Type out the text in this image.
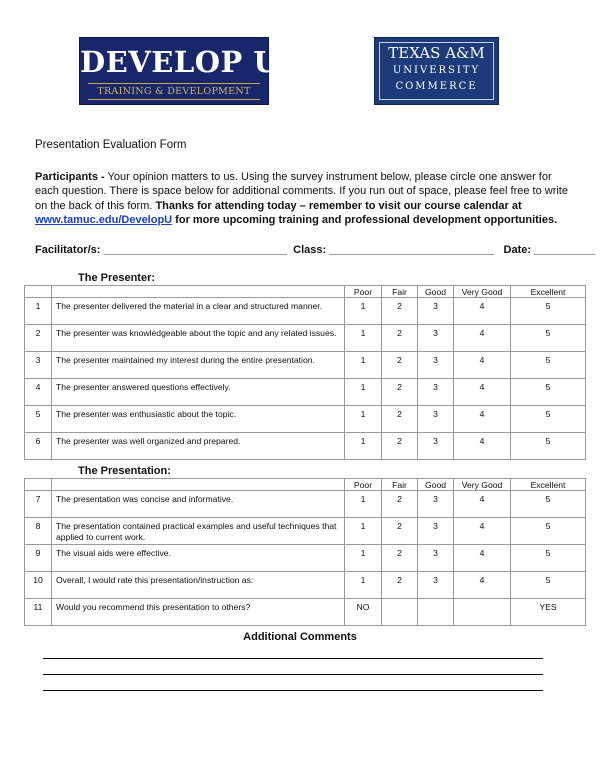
DEVELOP U
TRAINING & DEVELOPMENT
TEXAS A&M
UNIVERSITY
COMMERCE
Presentation Evaluation Form
Participants - Your opinion matters to us. Using the survey instrument below, please circle one answer for each question. There is space below for additional comments. If you run out of space, please feel free to write on the back of this form. Thanks for attending today – remember to visit our course calendar at
www.tamuc.edu/DevelopU for more upcoming training and professional development opportunities.
Facilitator/s: ______________________________ Class: ___________________________ Date: __________
The Presenter:
		Poor	Fair	Good	Very Good	Excellent
1	The presenter delivered the material in a clear and structured manner.	1	2	3	4	5
2	The presenter was knowledgeable about the topic and any related issues.	1	2	3	4	5
3	The presenter maintained my interest during the entire presentation.	1	2	3	4	5
4	The presenter answered questions effectively.	1	2	3	4	5
5	The presenter was enthusiastic about the topic.	1	2	3	4	5
6	The presenter was well organized and prepared.	1	2	3	4	5
The Presentation:
		Poor	Fair	Good	Very Good	Excellent
7	The presentation was concise and informative.	1	2	3	4	5
8	The presentation contained practical examples and useful techniques that applied to current work.	1	2	3	4	5
9	The visual aids were effective.	1	2	3	4	5
10	Overall, I would rate this presentation/instruction as:	1	2	3	4	5
11	Would you recommend this presentation to others?	NO				YES
Additional Comments
